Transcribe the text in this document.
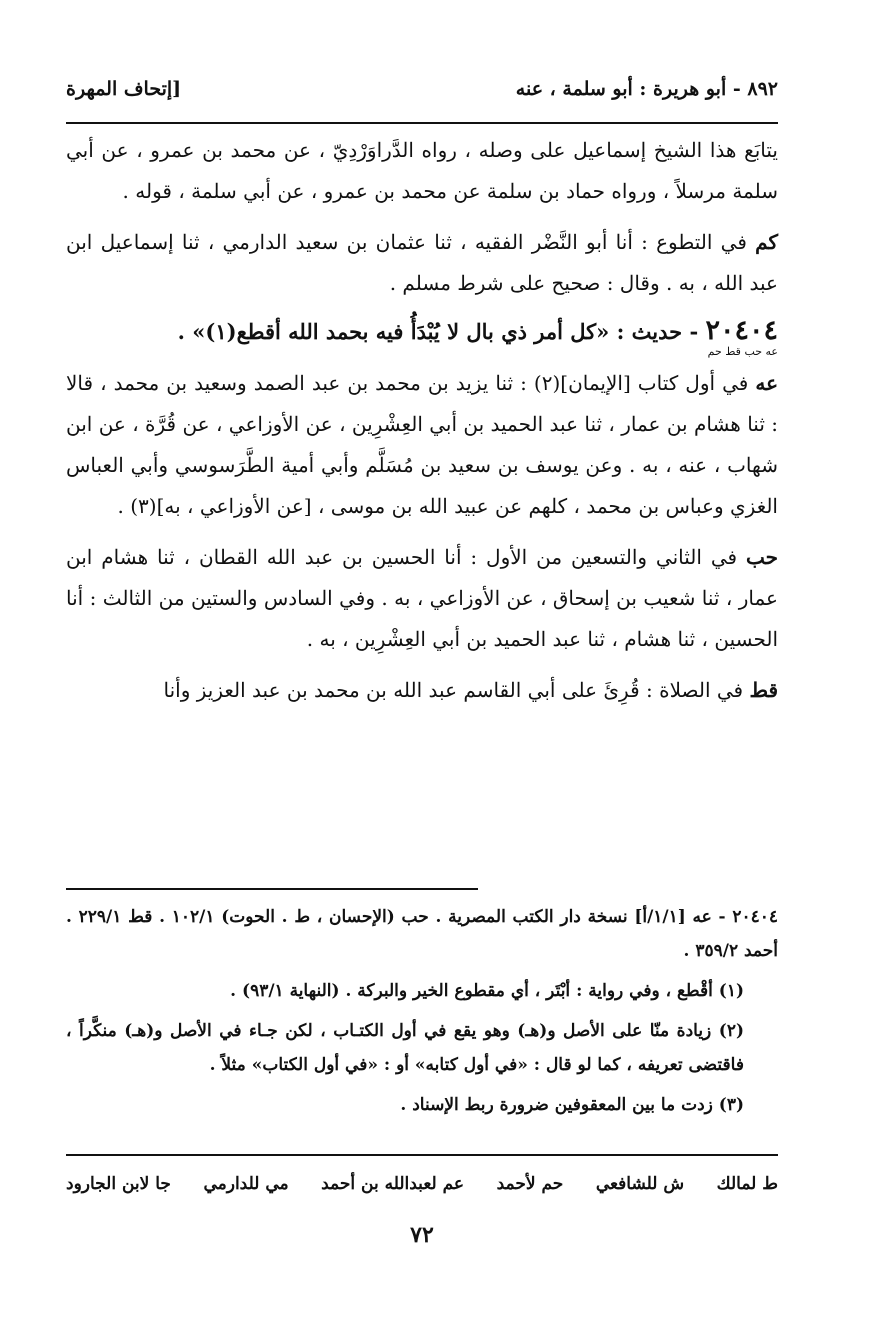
٨٩٢ - أبو هريرة : أبو سلمة ، عنه
[إتحاف المهرة

يتابَع هذا الشيخ إسماعيل على وصله ، رواه الدَّراوَرْدِيّ ، عن محمد بن عمرو ، عن أبي سلمة مرسلاً ، ورواه حماد بن سلمة عن محمد بن عمرو ، عن أبي سلمة ، قوله .

كم في التطوع : أنا أبو النَّضْر الفقيه ، ثنا عثمان بن سعيد الدارمي ، ثنا إسماعيل ابن عبد الله ، به . وقال : صحيح على شرط مسلم .

٢٠٤٠٤ - حديث : «كل أمر ذي بال لا يُبْدَأُ فيه بحمد الله أقطع(١)» .

عه حب قط حم

عه في أول كتاب [الإيمان](٢) : ثنا يزيد بن محمد بن عبد الصمد وسعيد بن محمد ، قالا : ثنا هشام بن عمار ، ثنا عبد الحميد بن أبي العِشْرِين ، عن الأوزاعي ، عن قُرَّة ، عن ابن شهاب ، عنه ، به . وعن يوسف بن سعيد بن مُسَلَّم وأبي أمية الطَّرَسوسي وأبي العباس الغزي وعباس بن محمد ، كلهم عن عبيد الله بن موسى ، [عن الأوزاعي ، به](٣) .

حب في الثاني والتسعين من الأول : أنا الحسين بن عبد الله القطان ، ثنا هشام ابن عمار ، ثنا شعيب بن إسحاق ، عن الأوزاعي ، به . وفي السادس والستين من الثالث : أنا الحسين ، ثنا هشام ، ثنا عبد الحميد بن أبي العِشْرِين ، به .

قط في الصلاة : قُرِئَ على أبي القاسم عبد الله بن محمد بن عبد العزيز وأنا

٢٠٤٠٤ - عه [١/١/أ] نسخة دار الكتب المصرية . حب (الإحسان ، ط . الحوت) ١٠٢/١ . قط ٢٢٩/١ . أحمد ٣٥٩/٢ .

(١) أقْطع ، وفي رواية : أبْتَر ، أي مقطوع الخير والبركة . (النهاية ٩٣/١) .

(٢) زيادة منّا على الأصل و(هـ) وهو يقع في أول الكتـاب ، لكن جـاء في الأصل و(هـ) منكَّراً ، فاقتضى تعريفه ، كما لو قال : «في أول كتابه» أو : «في أول الكتاب» مثلاً .

(٣) زدت ما بين المعقوفين ضرورة ربط الإسناد .

ط لمالك
ش للشافعي
حم لأحمد
عم لعبدالله بن أحمد
مي للدارمي
جا لابن الجارود
٧٢
